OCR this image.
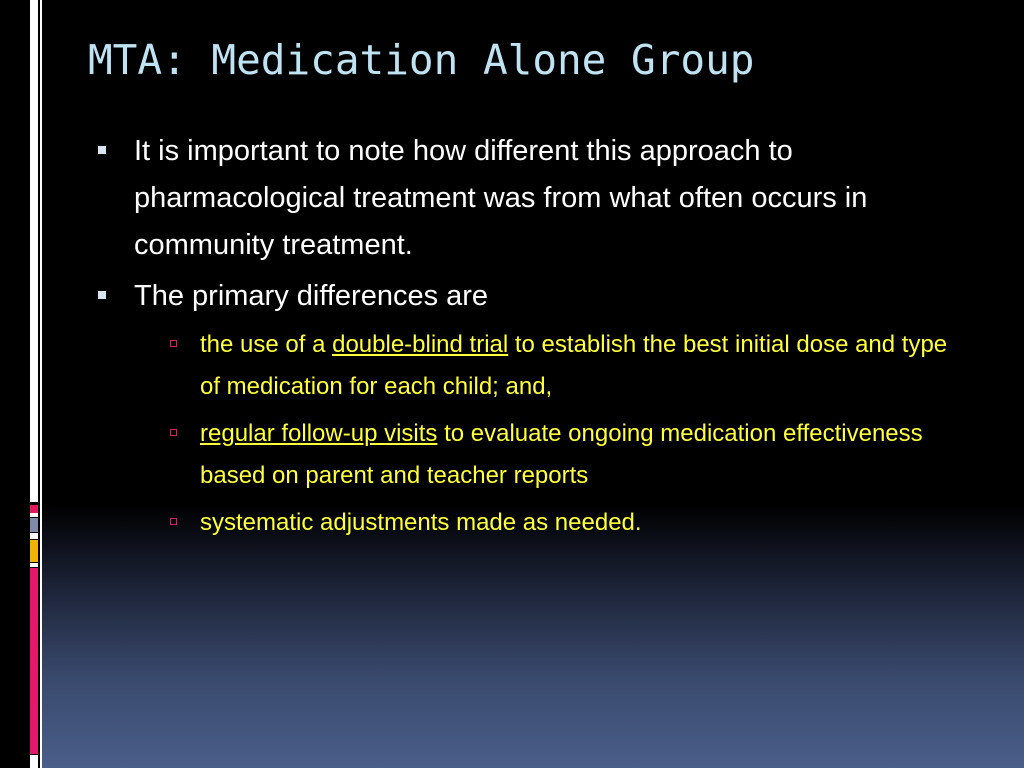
MTA: Medication Alone Group
It is important to note how different this approach to pharmacological treatment was from what often occurs in community treatment.
The primary differences are
the use of a double-blind trial to establish the best initial dose and type of medication for each child; and,
regular follow-up visits to evaluate ongoing medication effectiveness based on parent and teacher reports
systematic adjustments made as needed.
